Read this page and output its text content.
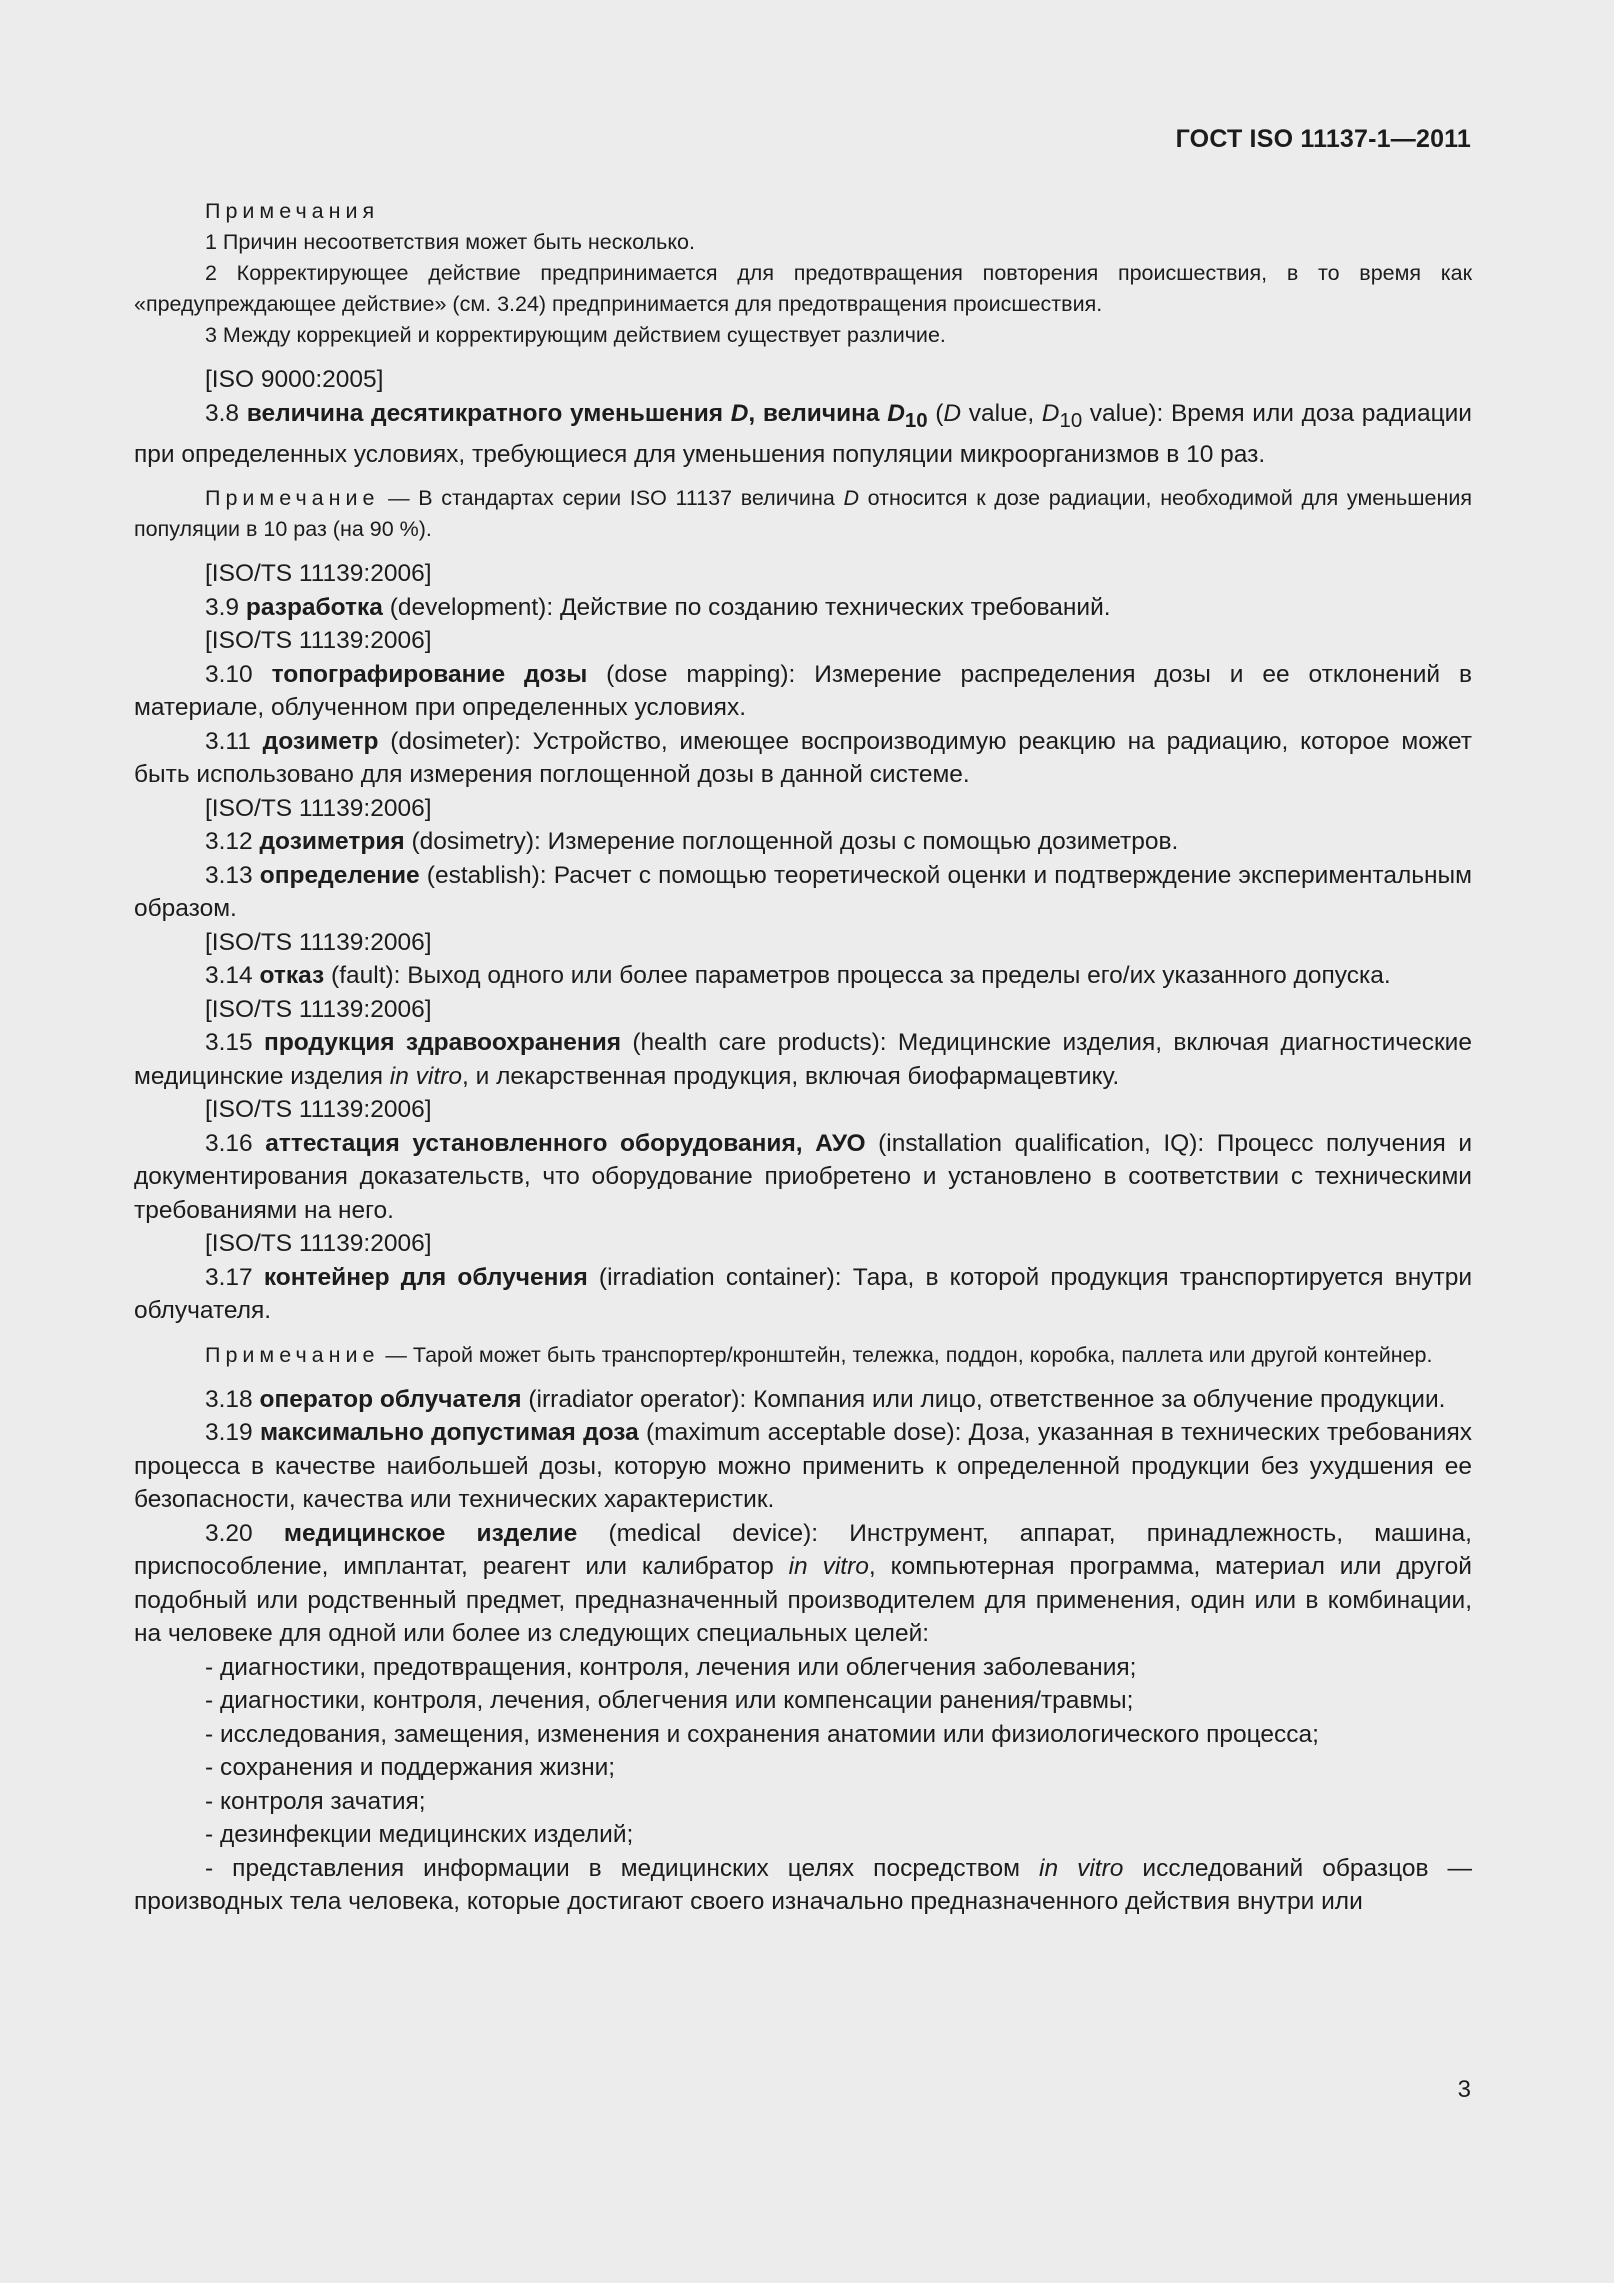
ГОСТ ISO 11137-1—2011

Примечания

1 Причин несоответствия может быть несколько.

2 Корректирующее действие предпринимается для предотвращения повторения происшествия, в то время как «предупреждающее действие» (см. 3.24) предпринимается для предотвращения происшествия.

3 Между коррекцией и корректирующим действием существует различие.

[ISO 9000:2005]

3.8 величина десятикратного уменьшения D, величина $D_{10}$ (D value, $D_{10}$ value): Время или доза радиации при определенных условиях, требующиеся для уменьшения популяции микроорганизмов в 10 раз.

Примечание — В стандартах серии ISO 11137 величина D относится к дозе радиации, необходимой для уменьшения популяции в 10 раз (на 90 %).

[ISO/TS 11139:2006]

3.9 разработка (development): Действие по созданию технических требований.

[ISO/TS 11139:2006]

3.10 топографирование дозы (dose mapping): Измерение распределения дозы и ее отклонений в материале, облученном при определенных условиях.

3.11 дозиметр (dosimeter): Устройство, имеющее воспроизводимую реакцию на радиацию, которое может быть использовано для измерения поглощенной дозы в данной системе.

[ISO/TS 11139:2006]

3.12 дозиметрия (dosimetry): Измерение поглощенной дозы с помощью дозиметров.

3.13 определение (establish): Расчет с помощью теоретической оценки и подтверждение экспериментальным образом.

[ISO/TS 11139:2006]

3.14 отказ (fault): Выход одного или более параметров процесса за пределы его/их указанного допуска.

[ISO/TS 11139:2006]

3.15 продукция здравоохранения (health care products): Медицинские изделия, включая диагностические медицинские изделия in vitro, и лекарственная продукция, включая биофармацевтику.

[ISO/TS 11139:2006]

3.16 аттестация установленного оборудования, АУО (installation qualification, IQ): Процесс получения и документирования доказательств, что оборудование приобретено и установлено в соответствии с техническими требованиями на него.

[ISO/TS 11139:2006]

3.17 контейнер для облучения (irradiation container): Тара, в которой продукция транспортируется внутри облучателя.

Примечание — Тарой может быть транспортер/кронштейн, тележка, поддон, коробка, паллета или другой контейнер.

3.18 оператор облучателя (irradiator operator): Компания или лицо, ответственное за облучение продукции.

3.19 максимально допустимая доза (maximum acceptable dose): Доза, указанная в технических требованиях процесса в качестве наибольшей дозы, которую можно применить к определенной продукции без ухудшения ее безопасности, качества или технических характеристик.

3.20 медицинское изделие (medical device): Инструмент, аппарат, принадлежность, машина, приспособление, имплантат, реагент или калибратор in vitro, компьютерная программа, материал или другой подобный или родственный предмет, предназначенный производителем для применения, один или в комбинации, на человеке для одной или более из следующих специальных целей:

- диагностики, предотвращения, контроля, лечения или облегчения заболевания;

- диагностики, контроля, лечения, облегчения или компенсации ранения/травмы;

- исследования, замещения, изменения и сохранения анатомии или физиологического процесса;

- сохранения и поддержания жизни;

- контроля зачатия;

- дезинфекции медицинских изделий;

- представления информации в медицинских целях посредством in vitro исследований образцов — производных тела человека, которые достигают своего изначально предназначенного действия внутри или

3
